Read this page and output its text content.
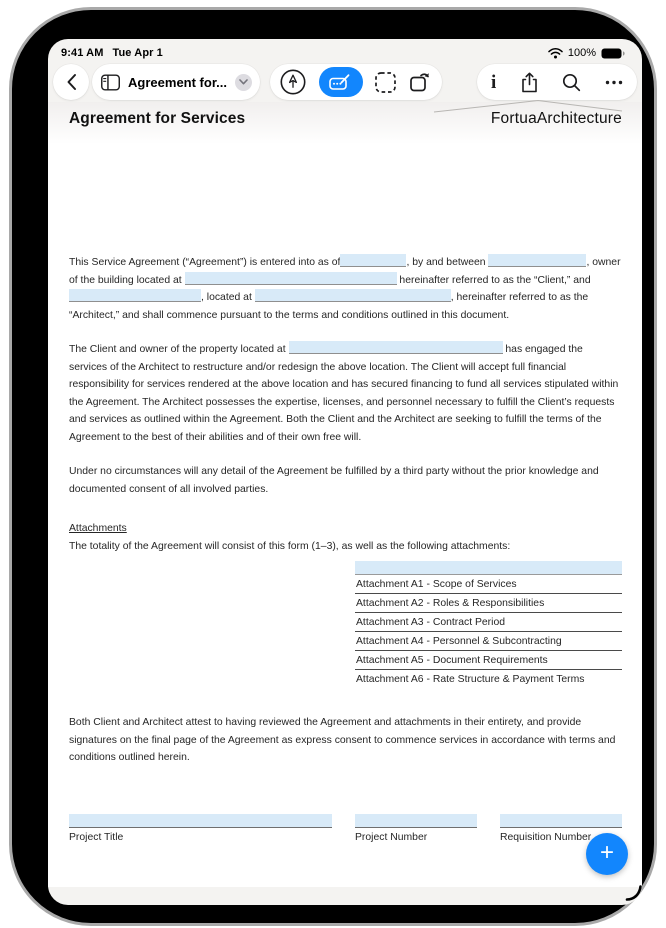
9:41 AM Tue Apr 1	100%
Agreement for...	i
Agreement for Services	FortuaArchitecture
This Service Agreement (“Agreement”) is entered into as of	, by and between	, owner of the building located at	hereinafter referred to as the “Client,” and , located at	, hereinafter referred to as the “Architect,” and shall commence pursuant to the terms and conditions outlined in this document.
The Client and owner of the property located at	has engaged the services of the Architect to restructure and/or redesign the above location. The Client will accept full financial responsibility for services rendered at the above location and has secured financing to fund all services stipulated within the Agreement. The Architect possesses the expertise, licenses, and personnel necessary to fulfill the Client’s requests and services as outlined within the Agreement. Both the Client and the Architect are seeking to fulfill the terms of the Agreement to the best of their abilities and of their own free will.
Under no circumstances will any detail of the Agreement be fulfilled by a third party without the prior knowledge and documented consent of all involved parties.
Attachments
The totality of the Agreement will consist of this form (1–3), as well as the following attachments:
Attachment A1 - Scope of Services
Attachment A2 - Roles & Responsibilities
Attachment A3 - Contract Period
Attachment A4 - Personnel & Subcontracting
Attachment A5 - Document Requirements
Attachment A6 - Rate Structure & Payment Terms
Both Client and Architect attest to having reviewed the Agreement and attachments in their entirety, and provide signatures on the final page of the Agreement as express consent to commence services in accordance with terms and conditions outlined herein.
Project Title	Project Number	Requisition Number
+
